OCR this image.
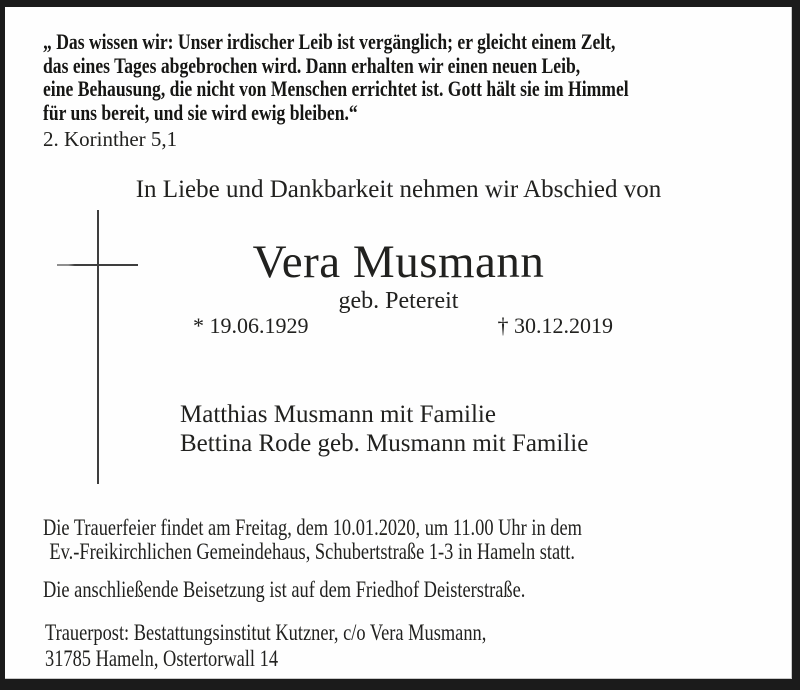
„ Das wissen wir: Unser irdischer Leib ist vergänglich; er gleicht einem Zelt,
das eines Tages abgebrochen wird. Dann erhalten wir einen neuen Leib,
eine Behausung, die nicht von Menschen errichtet ist. Gott hält sie im Himmel
für uns bereit, und sie wird ewig bleiben.“
2. Korinther 5,1
In Liebe und Dankbarkeit nehmen wir Abschied von
Vera Musmann
geb. Petereit
* 19.06.1929	† 30.12.2019
Matthias Musmann mit Familie
Bettina Rode geb. Musmann mit Familie
Die Trauerfeier findet am Freitag, dem 10.01.2020, um 11.00 Uhr in dem
Ev.-Freikirchlichen Gemeindehaus, Schubertstraße 1-3 in Hameln statt.
Die anschließende Beisetzung ist auf dem Friedhof Deisterstraße.
Trauerpost: Bestattungsinstitut Kutzner, c/o Vera Musmann,
31785 Hameln, Ostertorwall 14
